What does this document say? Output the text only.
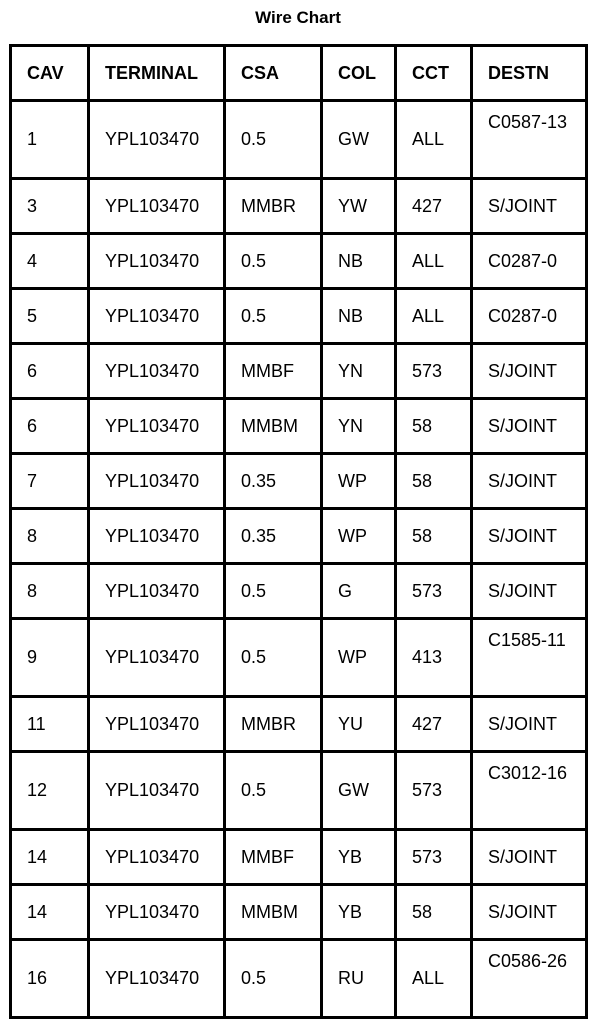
Wire Chart
CAV	TERMINAL	CSA	COL	CCT	DESTN
1	YPL103470	0.5	GW	ALL	C0587-13
3	YPL103470	MMBR	YW	427	S/JOINT
4	YPL103470	0.5	NB	ALL	C0287-0
5	YPL103470	0.5	NB	ALL	C0287-0
6	YPL103470	MMBF	YN	573	S/JOINT
6	YPL103470	MMBM	YN	58	S/JOINT
7	YPL103470	0.35	WP	58	S/JOINT
8	YPL103470	0.35	WP	58	S/JOINT
8	YPL103470	0.5	G	573	S/JOINT
9	YPL103470	0.5	WP	413	C1585-11
11	YPL103470	MMBR	YU	427	S/JOINT
12	YPL103470	0.5	GW	573	C3012-16
14	YPL103470	MMBF	YB	573	S/JOINT
14	YPL103470	MMBM	YB	58	S/JOINT
16	YPL103470	0.5	RU	ALL	C0586-26
